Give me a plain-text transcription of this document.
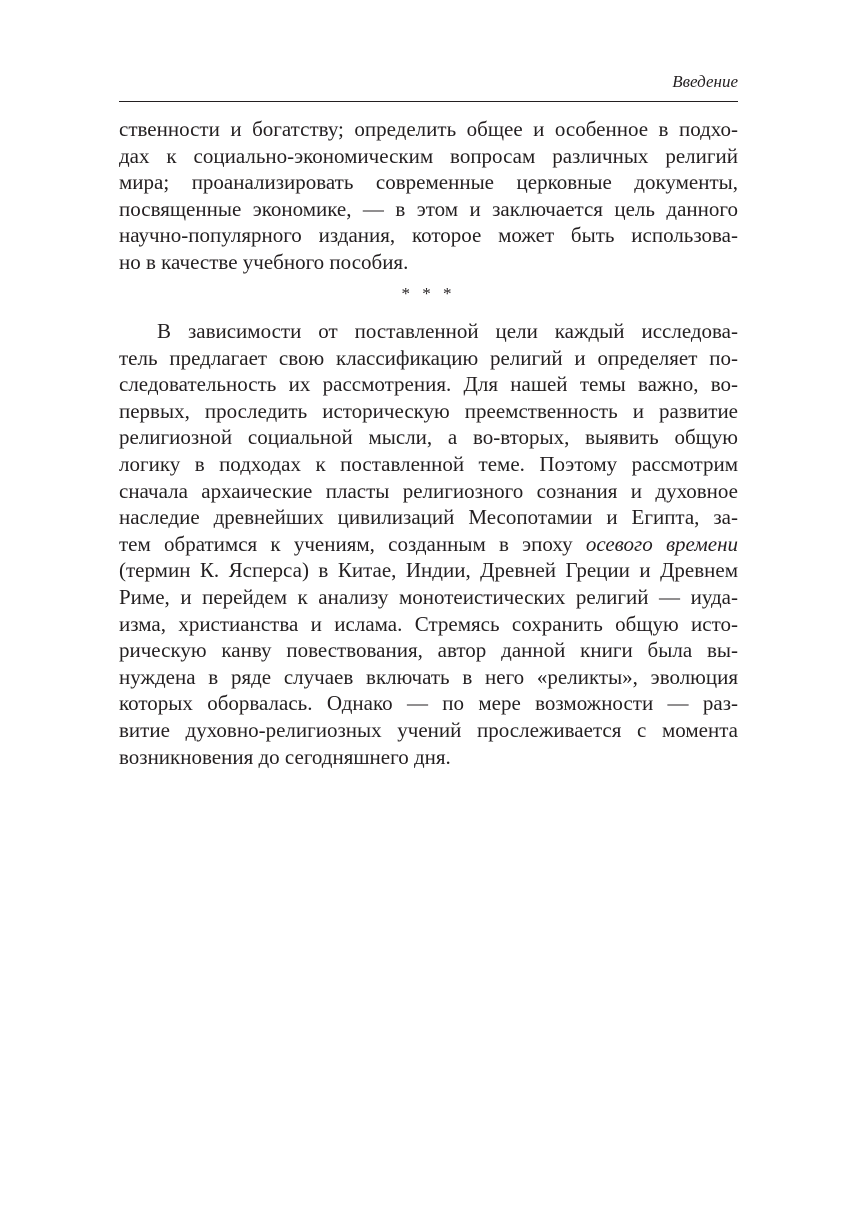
Введение
ственности и богатству; определить общее и особенное в подхо-
дах к социально-экономическим вопросам различных религий
мира; проанализировать современные церковные документы,
посвященные экономике, — в этом и заключается цель данного
научно-популярного издания, которое может быть использова-
но в качестве учебного пособия.
* * *
В зависимости от поставленной цели каждый исследова-
тель предлагает свою классификацию религий и определяет по-
следовательность их рассмотрения. Для нашей темы важно, во-
первых, проследить историческую преемственность и развитие
религиозной социальной мысли, а во-вторых, выявить общую
логику в подходах к поставленной теме. Поэтому рассмотрим
сначала архаические пласты религиозного сознания и духовное
наследие древнейших цивилизаций Месопотамии и Египта, за-
тем обратимся к учениям, созданным в эпоху осевого времени
(термин К. Ясперса) в Китае, Индии, Древней Греции и Древнем
Риме, и перейдем к анализу монотеистических религий — иуда-
изма, христианства и ислама. Стремясь сохранить общую исто-
рическую канву повествования, автор данной книги была вы-
нуждена в ряде случаев включать в него «реликты», эволюция
которых оборвалась. Однако — по мере возможности — раз-
витие духовно-религиозных учений прослеживается с момента
возникновения до сегодняшнего дня.
